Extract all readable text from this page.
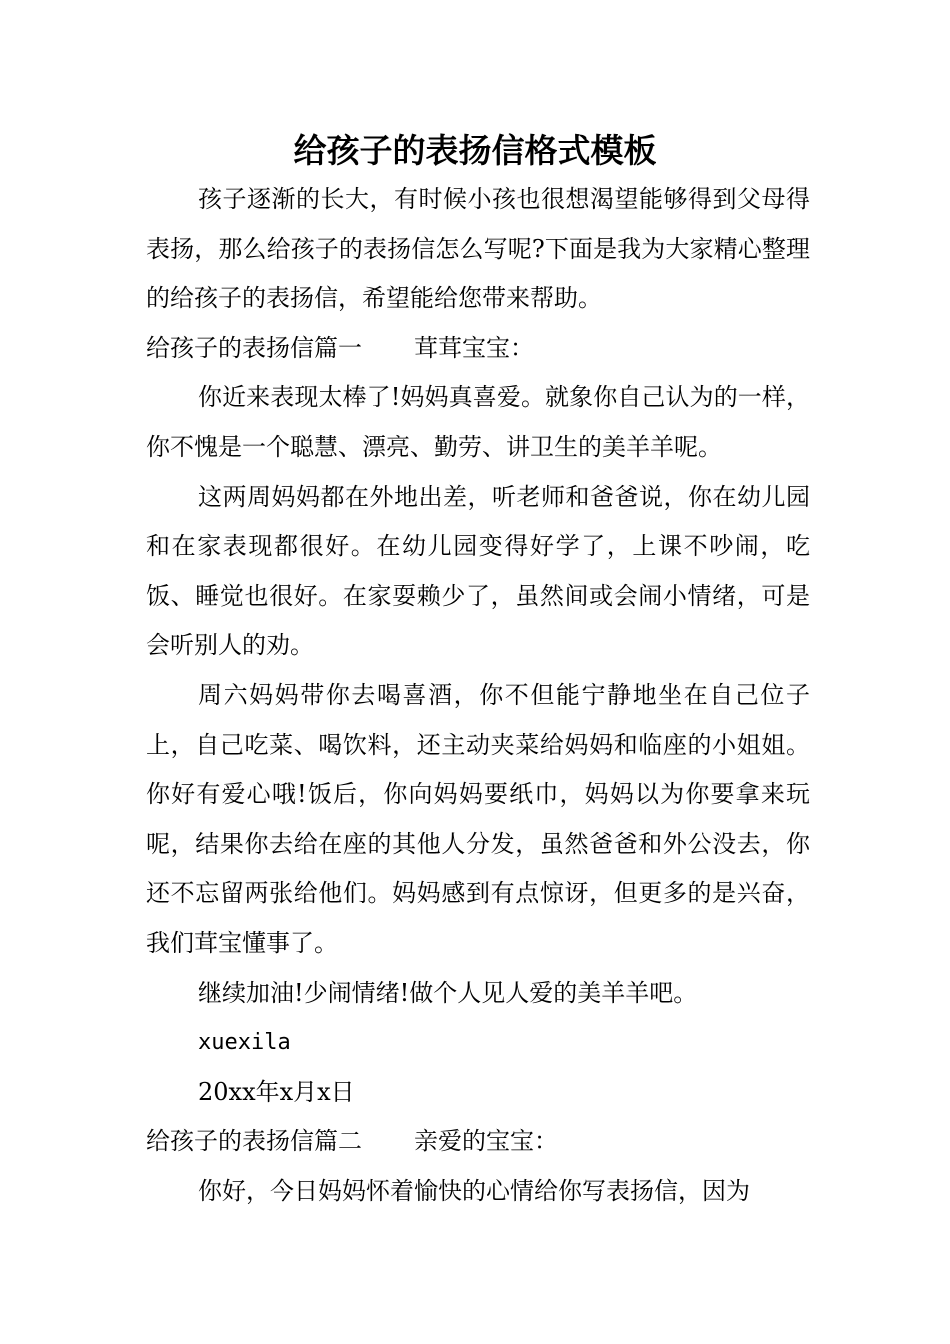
给孩子的表扬信格式模板

孩子逐渐的长大，有时候小孩也很想渴望能够得到父母得表扬，那么给孩子的表扬信怎么写呢?下面是我为大家精心整理的给孩子的表扬信，希望能给您带来帮助。

给孩子的表扬信篇一 茸茸宝宝：

你近来表现太棒了!妈妈真喜爱。就象你自己认为的一样，你不愧是一个聪慧、漂亮、勤劳、讲卫生的美羊羊呢。

这两周妈妈都在外地出差，听老师和爸爸说，你在幼儿园和在家表现都很好。在幼儿园变得好学了，上课不吵闹，吃饭、睡觉也很好。在家耍赖少了，虽然间或会闹小情绪，可是会听别人的劝。

周六妈妈带你去喝喜酒，你不但能宁静地坐在自己位子上，自己吃菜、喝饮料，还主动夹菜给妈妈和临座的小姐姐。你好有爱心哦!饭后，你向妈妈要纸巾，妈妈以为你要拿来玩呢，结果你去给在座的其他人分发，虽然爸爸和外公没去，你还不忘留两张给他们。妈妈感到有点惊讶，但更多的是兴奋，我们茸宝懂事了。

继续加油!少闹情绪!做个人见人爱的美羊羊吧。

xuexila

20xx年x月x日

给孩子的表扬信篇二 亲爱的宝宝：

你好，今日妈妈怀着愉快的心情给你写表扬信，因为
